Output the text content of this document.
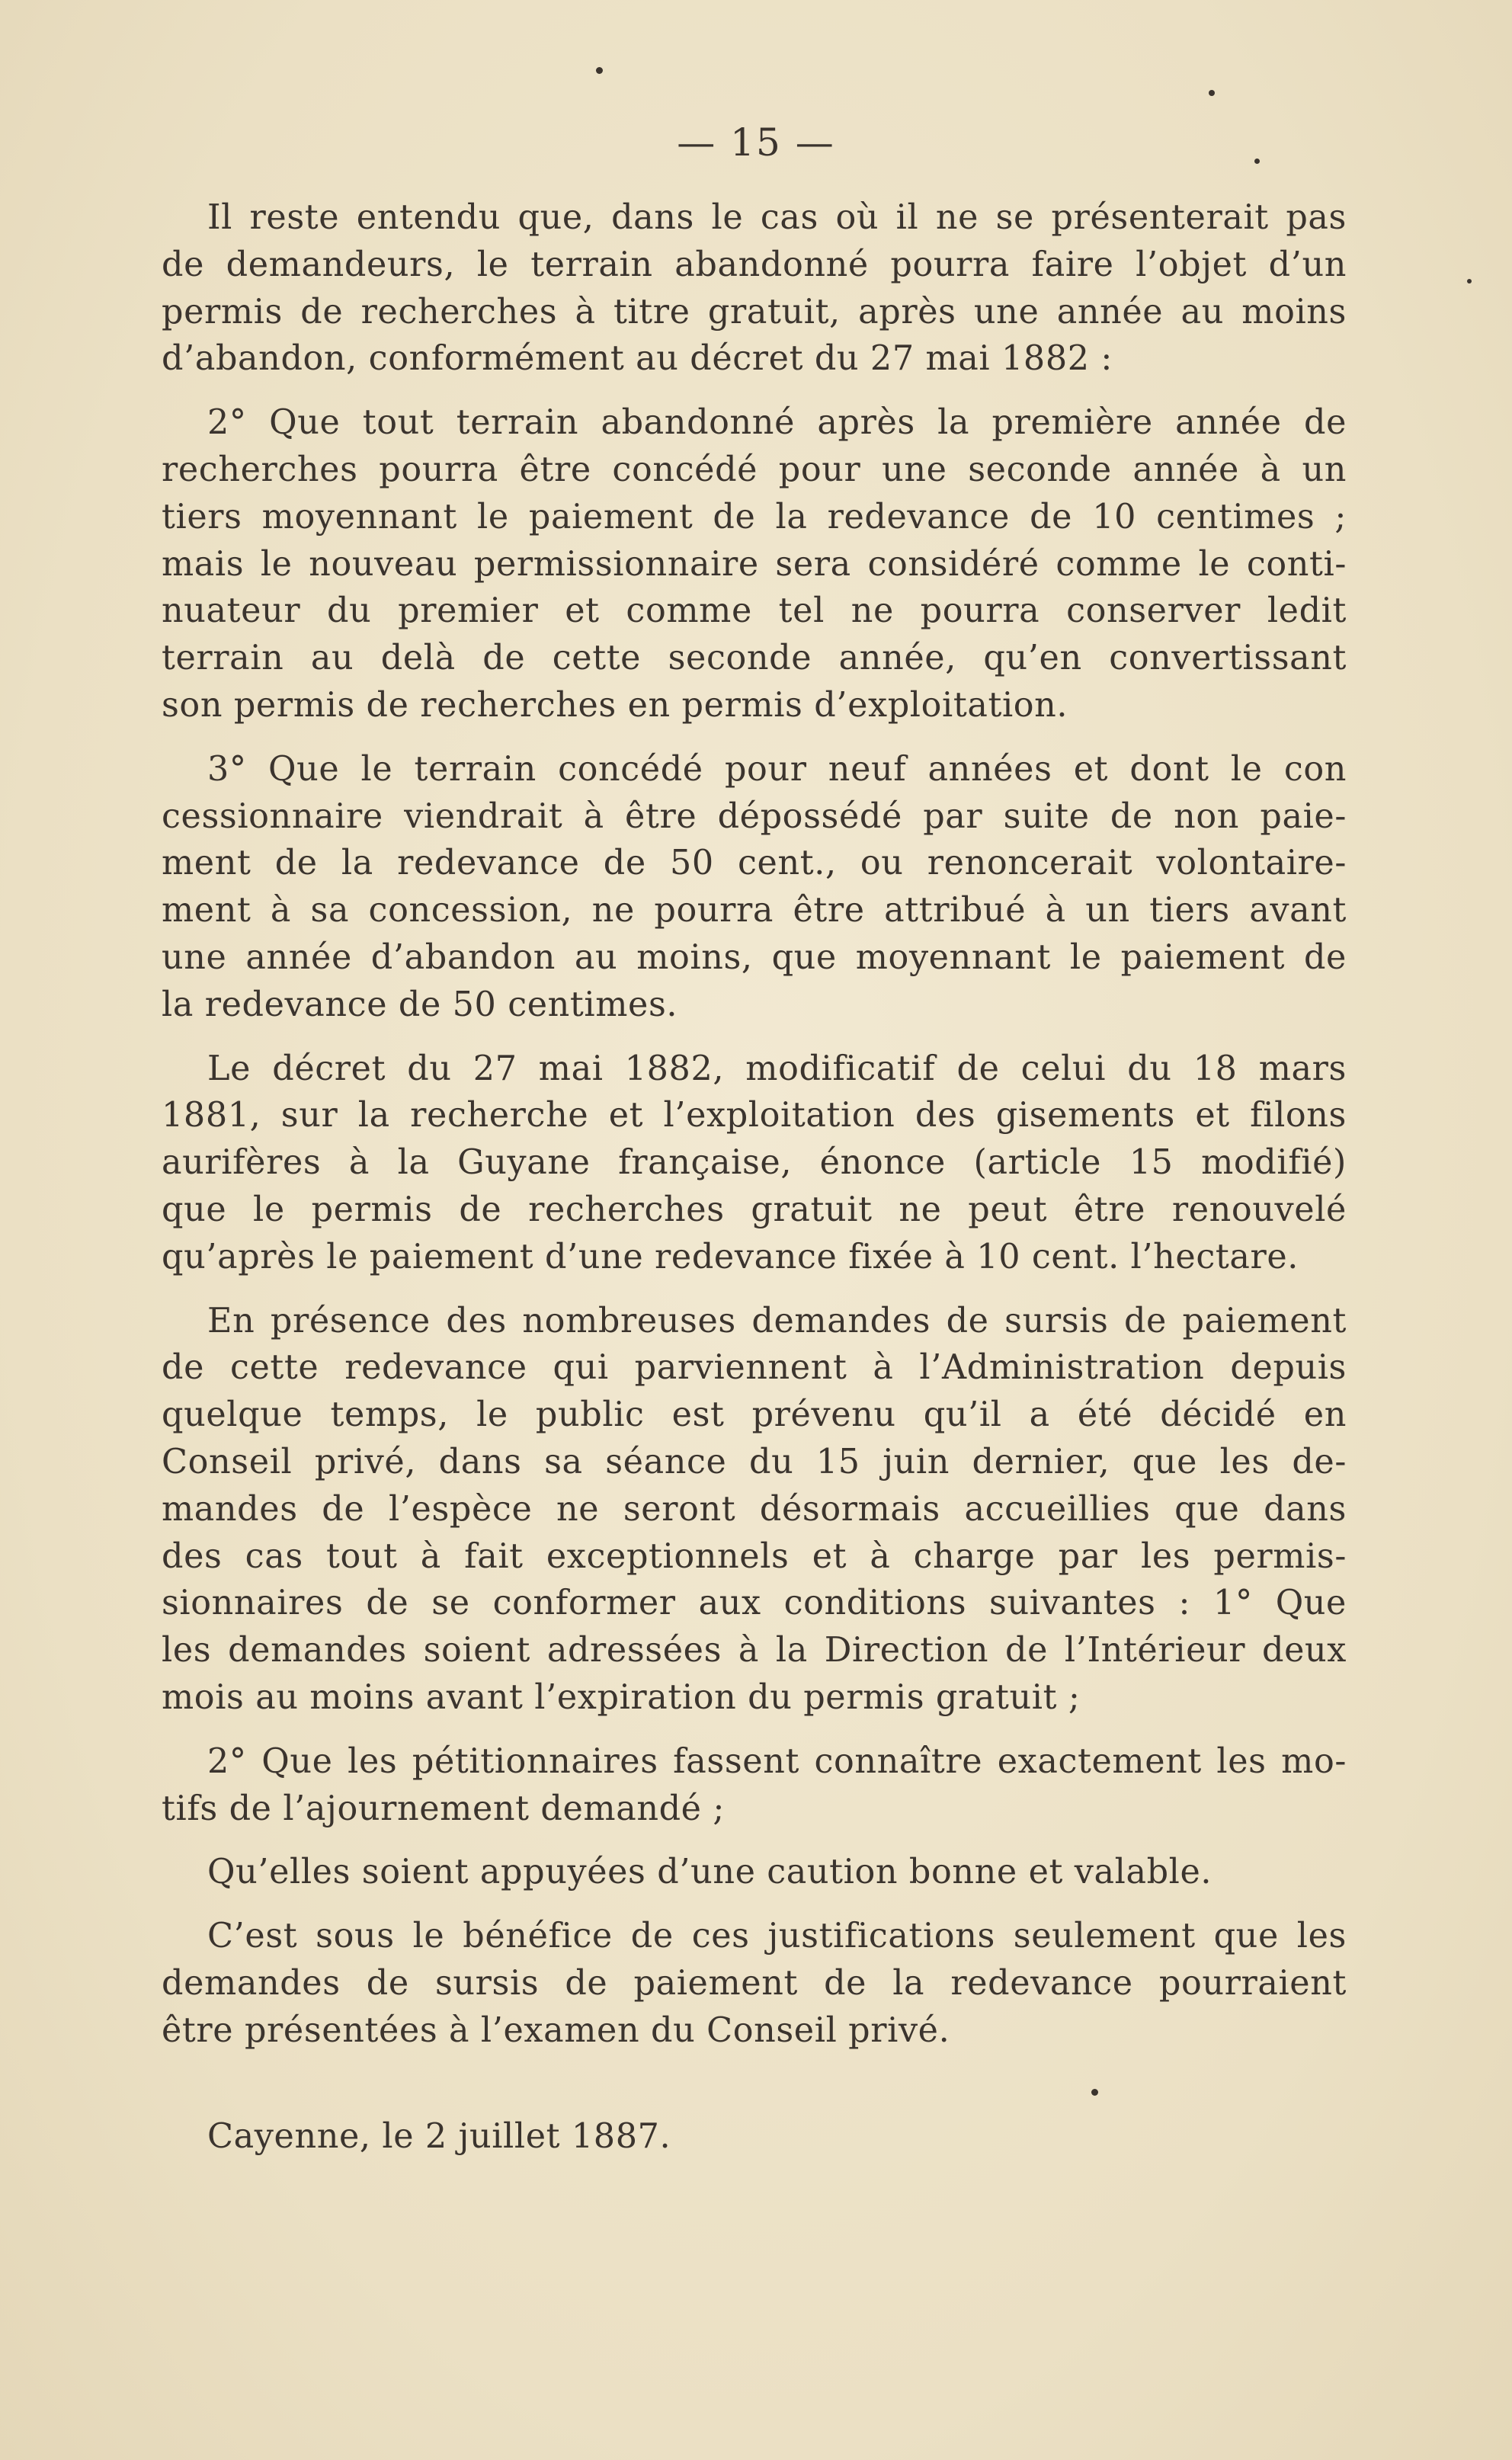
— 15 —
Il reste entendu que, dans le cas où il ne se présenterait pas
de demandeurs, le terrain abandonné pourra faire l’objet d’un
permis de recherches à titre gratuit, après une année au moins
d’abandon, conformément au décret du 27 mai 1882 :
2° Que tout terrain abandonné après la première année de
recherches pourra être concédé pour une seconde année à un
tiers moyennant le paiement de la redevance de 10 centimes ;
mais le nouveau permissionnaire sera considéré comme le conti-
nuateur du premier et comme tel ne pourra conserver ledit
terrain au delà de cette seconde année, qu’en convertissant
son permis de recherches en permis d’exploitation.
3° Que le terrain concédé pour neuf années et dont le con
cessionnaire viendrait à être dépossédé par suite de non paie-
ment de la redevance de 50 cent., ou renoncerait volontaire-
ment à sa concession, ne pourra être attribué à un tiers avant
une année d’abandon au moins, que moyennant le paiement de
la redevance de 50 centimes.
Le décret du 27 mai 1882, modificatif de celui du 18 mars
1881, sur la recherche et l’exploitation des gisements et filons
aurifères à la Guyane française, énonce (article 15 modifié)
que le permis de recherches gratuit ne peut être renouvelé
qu’après le paiement d’une redevance fixée à 10 cent. l’hectare.
En présence des nombreuses demandes de sursis de paiement
de cette redevance qui parviennent à l’Administration depuis
quelque temps, le public est prévenu qu’il a été décidé en
Conseil privé, dans sa séance du 15 juin dernier, que les de-
mandes de l’espèce ne seront désormais accueillies que dans
des cas tout à fait exceptionnels et à charge par les permis-
sionnaires de se conformer aux conditions suivantes : 1° Que
les demandes soient adressées à la Direction de l’Intérieur deux
mois au moins avant l’expiration du permis gratuit ;
2° Que les pétitionnaires fassent connaître exactement les mo-
tifs de l’ajournement demandé ;
Qu’elles soient appuyées d’une caution bonne et valable.
C’est sous le bénéfice de ces justifications seulement que les
demandes de sursis de paiement de la redevance pourraient
être présentées à l’examen du Conseil privé.
Cayenne, le 2 juillet 1887.
